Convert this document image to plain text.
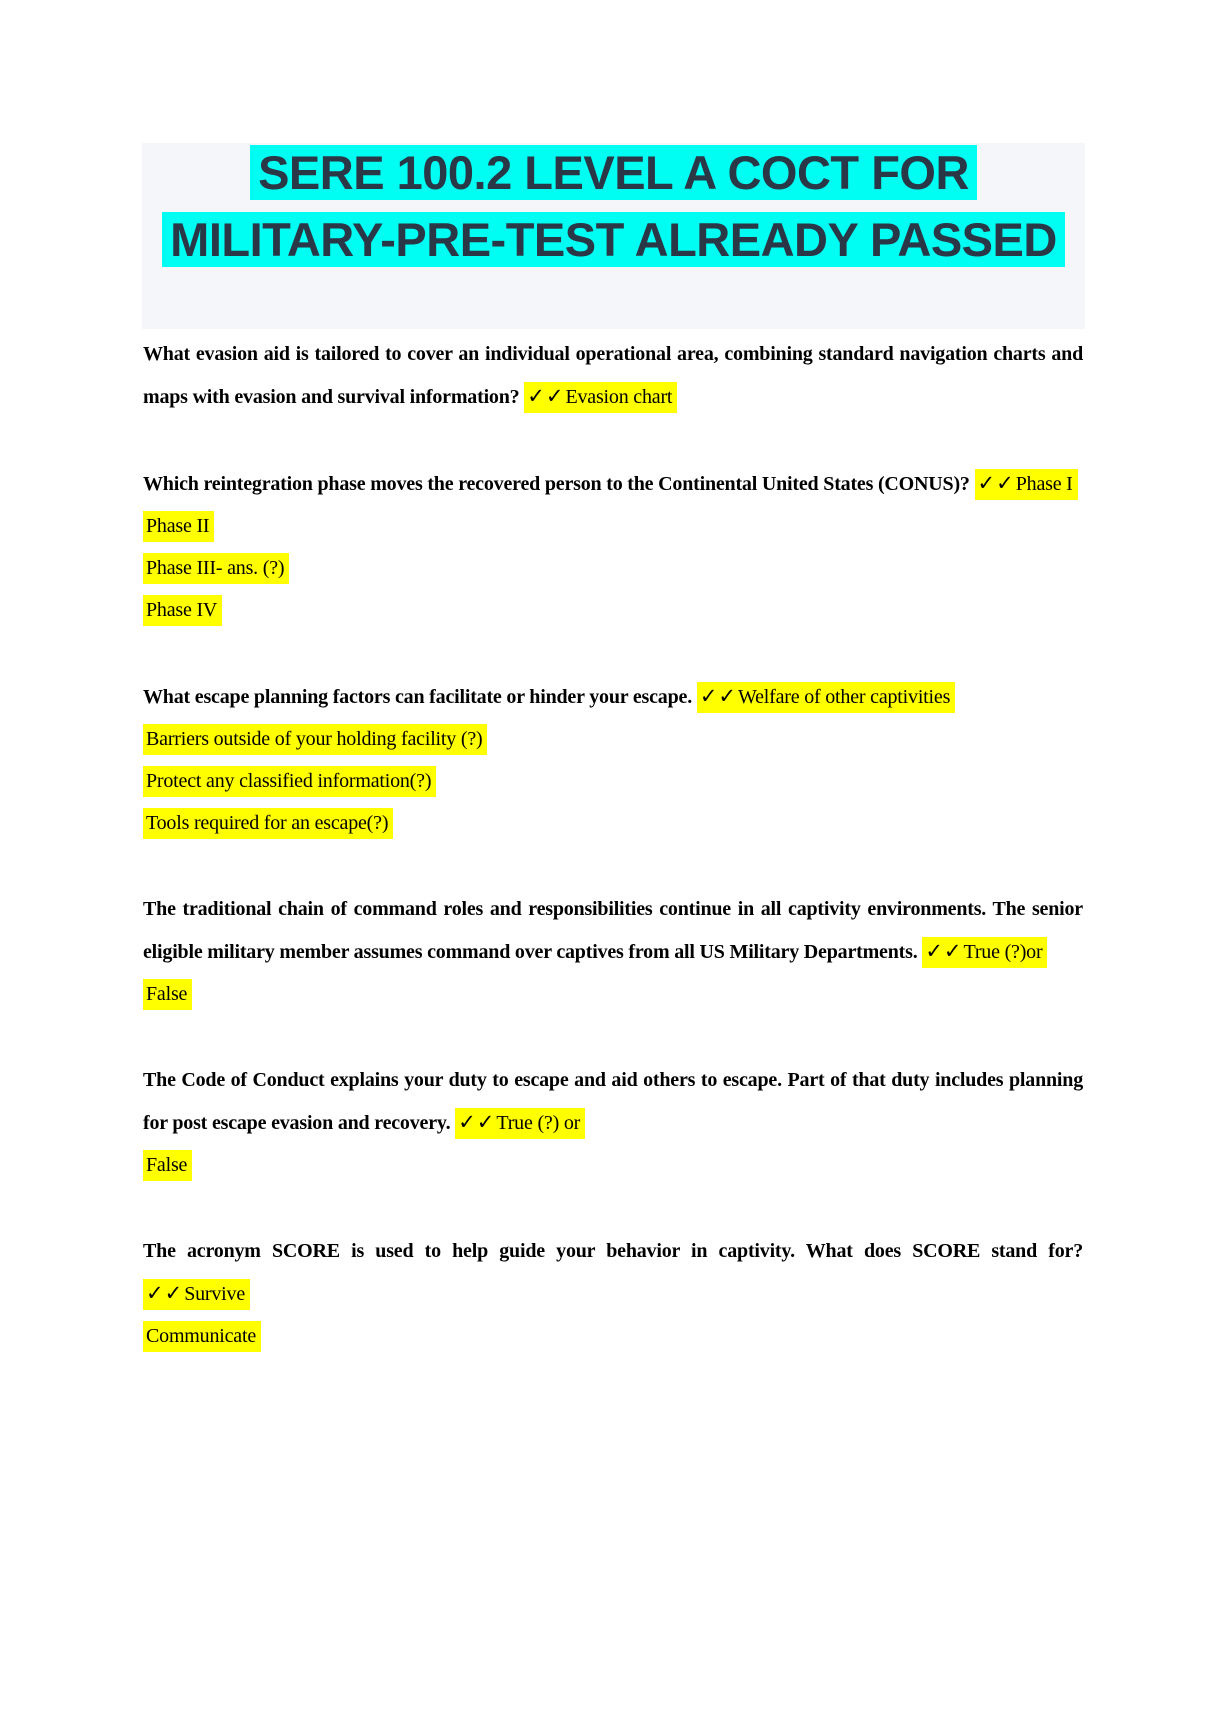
SERE 100.2 LEVEL A COCT FOR
MILITARY-PRE-TEST ALREADY PASSED

What evasion aid is tailored to cover an individual operational area, combining standard navigation charts and maps with evasion and survival information? ✓✓Evasion chart

Which reintegration phase moves the recovered person to the Continental United States (CONUS)? ✓✓Phase I

Phase II

Phase III- ans. (?)

Phase IV

What escape planning factors can facilitate or hinder your escape. ✓✓Welfare of other captivities

Barriers outside of your holding facility (?)

Protect any classified information(?)

Tools required for an escape(?)

The traditional chain of command roles and responsibilities continue in all captivity environments. The senior eligible military member assumes command over captives from all US Military Departments. ✓✓True (?)or

False

The Code of Conduct explains your duty to escape and aid others to escape. Part of that duty includes planning for post escape evasion and recovery. ✓✓True (?) or

False

The acronym SCORE is used to help guide your behavior in captivity. What does SCORE stand for? ✓✓Survive

Communicate
